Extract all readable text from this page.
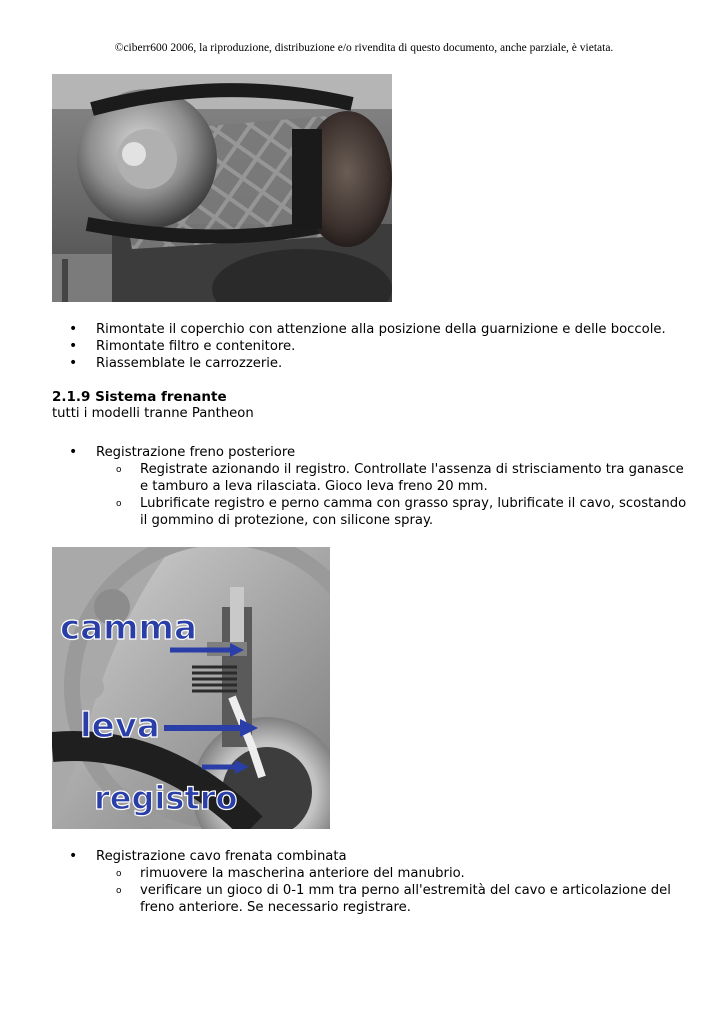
©ciberr600 2006, la riproduzione, distribuzione e/o rivendita di questo documento, anche parziale, è vietata.
• Rimontate il coperchio con attenzione alla posizione della guarnizione e delle boccole.
• Rimontate filtro e contenitore.
• Riassemblate le carrozzerie.
2.1.9 Sistema frenante
tutti i modelli tranne Pantheon
• Registrazione freno posteriore
o Registrate azionando il registro. Controllate l'assenza di strisciamento tra ganasce e tamburo a leva rilasciata. Gioco leva freno 20 mm.
o Lubrificate registro e perno camma con grasso spray, lubrificate il cavo, scostando il gommino di protezione, con silicone spray.
camma
leva
registro
• Registrazione cavo frenata combinata
o rimuovere la mascherina anteriore del manubrio.
o verificare un gioco di 0-1 mm tra perno all'estremità del cavo e articolazione del freno anteriore. Se necessario registrare.
